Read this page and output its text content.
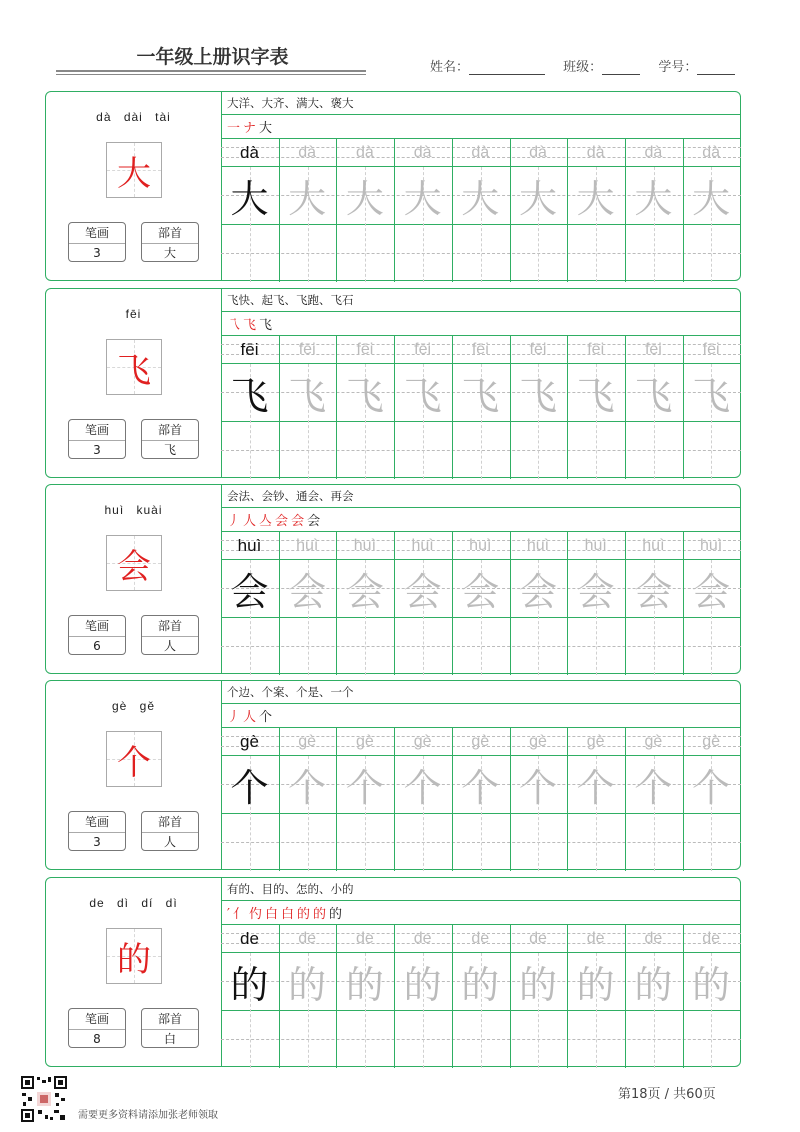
一年级上册识字表	姓名：	班级：	学号：
dà dài tài
大
笔画
3
部首
大
大洋、大齐、满大、褒大
一 ナ 大
dà	dà	dà	dà	dà	dà	dà	dà	dà
大 大 大 大 大 大 大 大 大
fēi
飞
笔画
3
部首
飞
飞快、起飞、飞跑、飞石
乁 飞 飞
fēi	fēi	fēi	fēi	fēi	fēi	fēi	fēi	fēi
飞 飞 飞 飞 飞 飞 飞 飞 飞
huì kuài
会
笔画
6
部首
人
会法、会钞、通会、再会
丿 人 亼 会 会 会
huì	huì	huì	huì	huì	huì	huì	huì	huì
会 会 会 会 会 会 会 会 会
gè gě
个
笔画
3
部首
人
个边、个案、个是、一个
丿 人 个
gè	gè	gè	gè	gè	gè	gè	gè	gè
个 个 个 个 个 个 个 个 个
de dì dí dì
的
笔画
8
部首
白
有的、目的、怎的、小的
′ 亻 仢 白 白 的 的 的
de	de	de	de	de	de	de	de	de
的 的 的 的 的 的 的 的 的
需要更多资料请添加张老师领取
第18页 / 共60页
